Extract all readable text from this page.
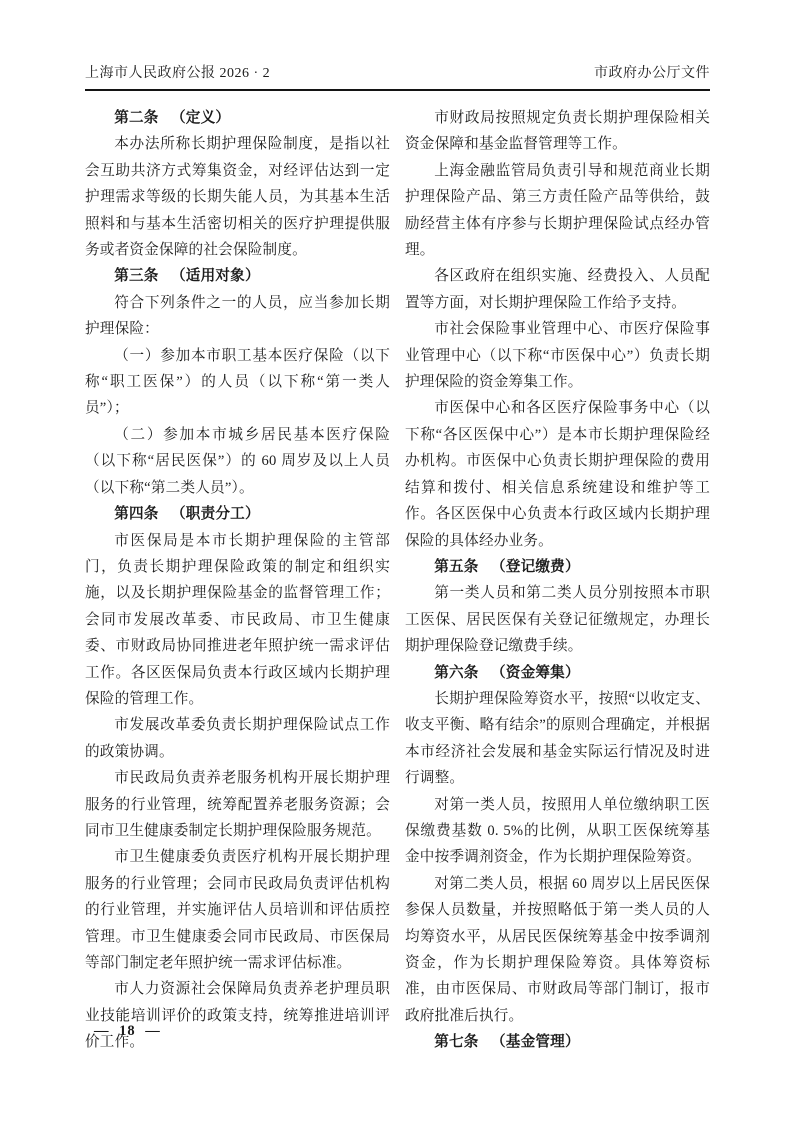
上海市人民政府公报 2026 · 2	市政府办公厅文件

第二条 （定义）

本办法所称长期护理保险制度，是指以社会互助共济方式筹集资金，对经评估达到一定护理需求等级的长期失能人员，为其基本生活照料和与基本生活密切相关的医疗护理提供服务或者资金保障的社会保险制度。

第三条 （适用对象）

符合下列条件之一的人员，应当参加长期护理保险：

（一）参加本市职工基本医疗保险（以下称“职工医保”）的人员（以下称“第一类人员”）；

（二）参加本市城乡居民基本医疗保险（以下称“居民医保”）的 60 周岁及以上人员（以下称“第二类人员”）。

第四条 （职责分工）

市医保局是本市长期护理保险的主管部门，负责长期护理保险政策的制定和组织实施，以及长期护理保险基金的监督管理工作；会同市发展改革委、市民政局、市卫生健康委、市财政局协同推进老年照护统一需求评估工作。各区医保局负责本行政区域内长期护理保险的管理工作。

市发展改革委负责长期护理保险试点工作的政策协调。

市民政局负责养老服务机构开展长期护理服务的行业管理，统筹配置养老服务资源；会同市卫生健康委制定长期护理保险服务规范。

市卫生健康委负责医疗机构开展长期护理服务的行业管理；会同市民政局负责评估机构的行业管理，并实施评估人员培训和评估质控管理。市卫生健康委会同市民政局、市医保局等部门制定老年照护统一需求评估标准。

市人力资源社会保障局负责养老护理员职业技能培训评价的政策支持，统筹推进培训评价工作。

市财政局按照规定负责长期护理保险相关资金保障和基金监督管理等工作。

上海金融监管局负责引导和规范商业长期护理保险产品、第三方责任险产品等供给，鼓励经营主体有序参与长期护理保险试点经办管理。

各区政府在组织实施、经费投入、人员配置等方面，对长期护理保险工作给予支持。

市社会保险事业管理中心、市医疗保险事业管理中心（以下称“市医保中心”）负责长期护理保险的资金筹集工作。

市医保中心和各区医疗保险事务中心（以下称“各区医保中心”）是本市长期护理保险经办机构。市医保中心负责长期护理保险的费用结算和拨付、相关信息系统建设和维护等工作。各区医保中心负责本行政区域内长期护理保险的具体经办业务。

第五条 （登记缴费）

第一类人员和第二类人员分别按照本市职工医保、居民医保有关登记征缴规定，办理长期护理保险登记缴费手续。

第六条 （资金筹集）

长期护理保险筹资水平，按照“以收定支、收支平衡、略有结余”的原则合理确定，并根据本市经济社会发展和基金实际运行情况及时进行调整。

对第一类人员，按照用人单位缴纳职工医保缴费基数 0. 5%的比例，从职工医保统筹基金中按季调剂资金，作为长期护理保险筹资。

对第二类人员，根据 60 周岁以上居民医保参保人员数量，并按照略低于第一类人员的人均筹资水平，从居民医保统筹基金中按季调剂资金，作为长期护理保险筹资。具体筹资标准，由市医保局、市财政局等部门制订，报市政府批准后执行。

第七条 （基金管理）

— 18 —
